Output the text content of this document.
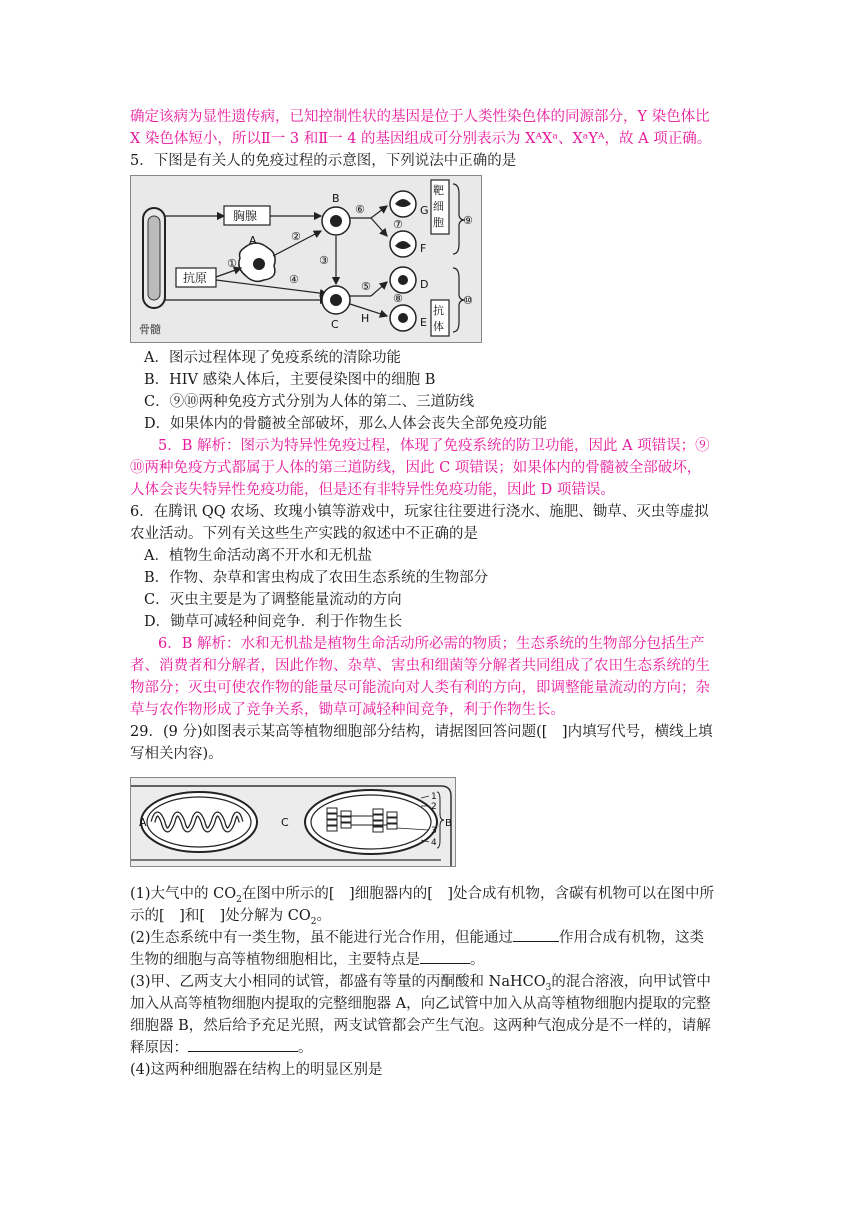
确定该病为显性遗传病，已知控制性状的基因是位于人类性染色体的同源部分，Y 染色体比
X 染色体短小，所以Ⅱ一 3 和Ⅱ一 4 的基因组成可分别表示为 XᴬXᵃ、XᵃYᴬ，故 A 项正确。
5．下图是有关人的免疫过程的示意图，下列说法中正确的是
骨髓
胸腺
抗原
A
①
④
②
B
③
C
⑥	G
⑦
F
靶
细
胞 ⑨
⑤
H
D
⑧
E
抗
体
⑩
A．图示过程体现了免疫系统的清除功能
B．HIV 感染人体后，主要侵染图中的细胞 B
C．⑨⑩两种免疫方式分别为人体的第二、三道防线
D．如果体内的骨髓被全部破坏，那么人体会丧失全部免疫功能
5．B 解析：图示为特异性免疫过程，体现了免疫系统的防卫功能，因此 A 项错误；⑨
⑩两种免疫方式都属于人体的第三道防线，因此 C 项错误；如果体内的骨髓被全部破坏，
人体会丧失特异性免疫功能，但是还有非特异性免疫功能，因此 D 项错误。
6．在腾讯 QQ 农场、玫瑰小镇等游戏中，玩家往往要进行浇水、施肥、锄草、灭虫等虚拟
农业活动。下列有关这些生产实践的叙述中不正确的是
A．植物生命活动离不开水和无机盐
B．作物、杂草和害虫构成了农田生态系统的生物部分
C．灭虫主要是为了调整能量流动的方向
D．锄草可减轻种间竞争．利于作物生长
6．B 解析：水和无机盐是植物生命活动所必需的物质；生态系统的生物部分包括生产
者、消费者和分解者，因此作物、杂草、害虫和细菌等分解者共同组成了农田生态系统的生
物部分；灭虫可使农作物的能量尽可能流向对人类有利的方向，即调整能量流动的方向；杂
草与农作物形成了竞争关系，锄草可减轻种间竞争，利于作物生长。
29．(9 分)如图表示某高等植物细胞部分结构，请据图回答问题([　]内填写代号，横线上填
写相关内容)。
A	C
1
2
3
4
B
(1)大气中的 $CO_2$在图中所示的[　]细胞器内的[　]处合成有机物，含碳有机物可以在图中所
示的[　]和[　]处分解为 $CO_2$。
(2)生态系统中有一类生物，虽不能进行光合作用，但能通过	作用合成有机物，这类
生物的细胞与高等植物细胞相比，主要特点是	。
(3)甲、乙两支大小相同的试管，都盛有等量的丙酮酸和 NaHCO$_3$的混合溶液，向甲试管中
加入从高等植物细胞内提取的完整细胞器 A，向乙试管中加入从高等植物细胞内提取的完整
细胞器 B，然后给予充足光照，两支试管都会产生气泡。这两种气泡成分是不一样的，请解
释原因：	。
(4)这两种细胞器在结构上的明显区别是
